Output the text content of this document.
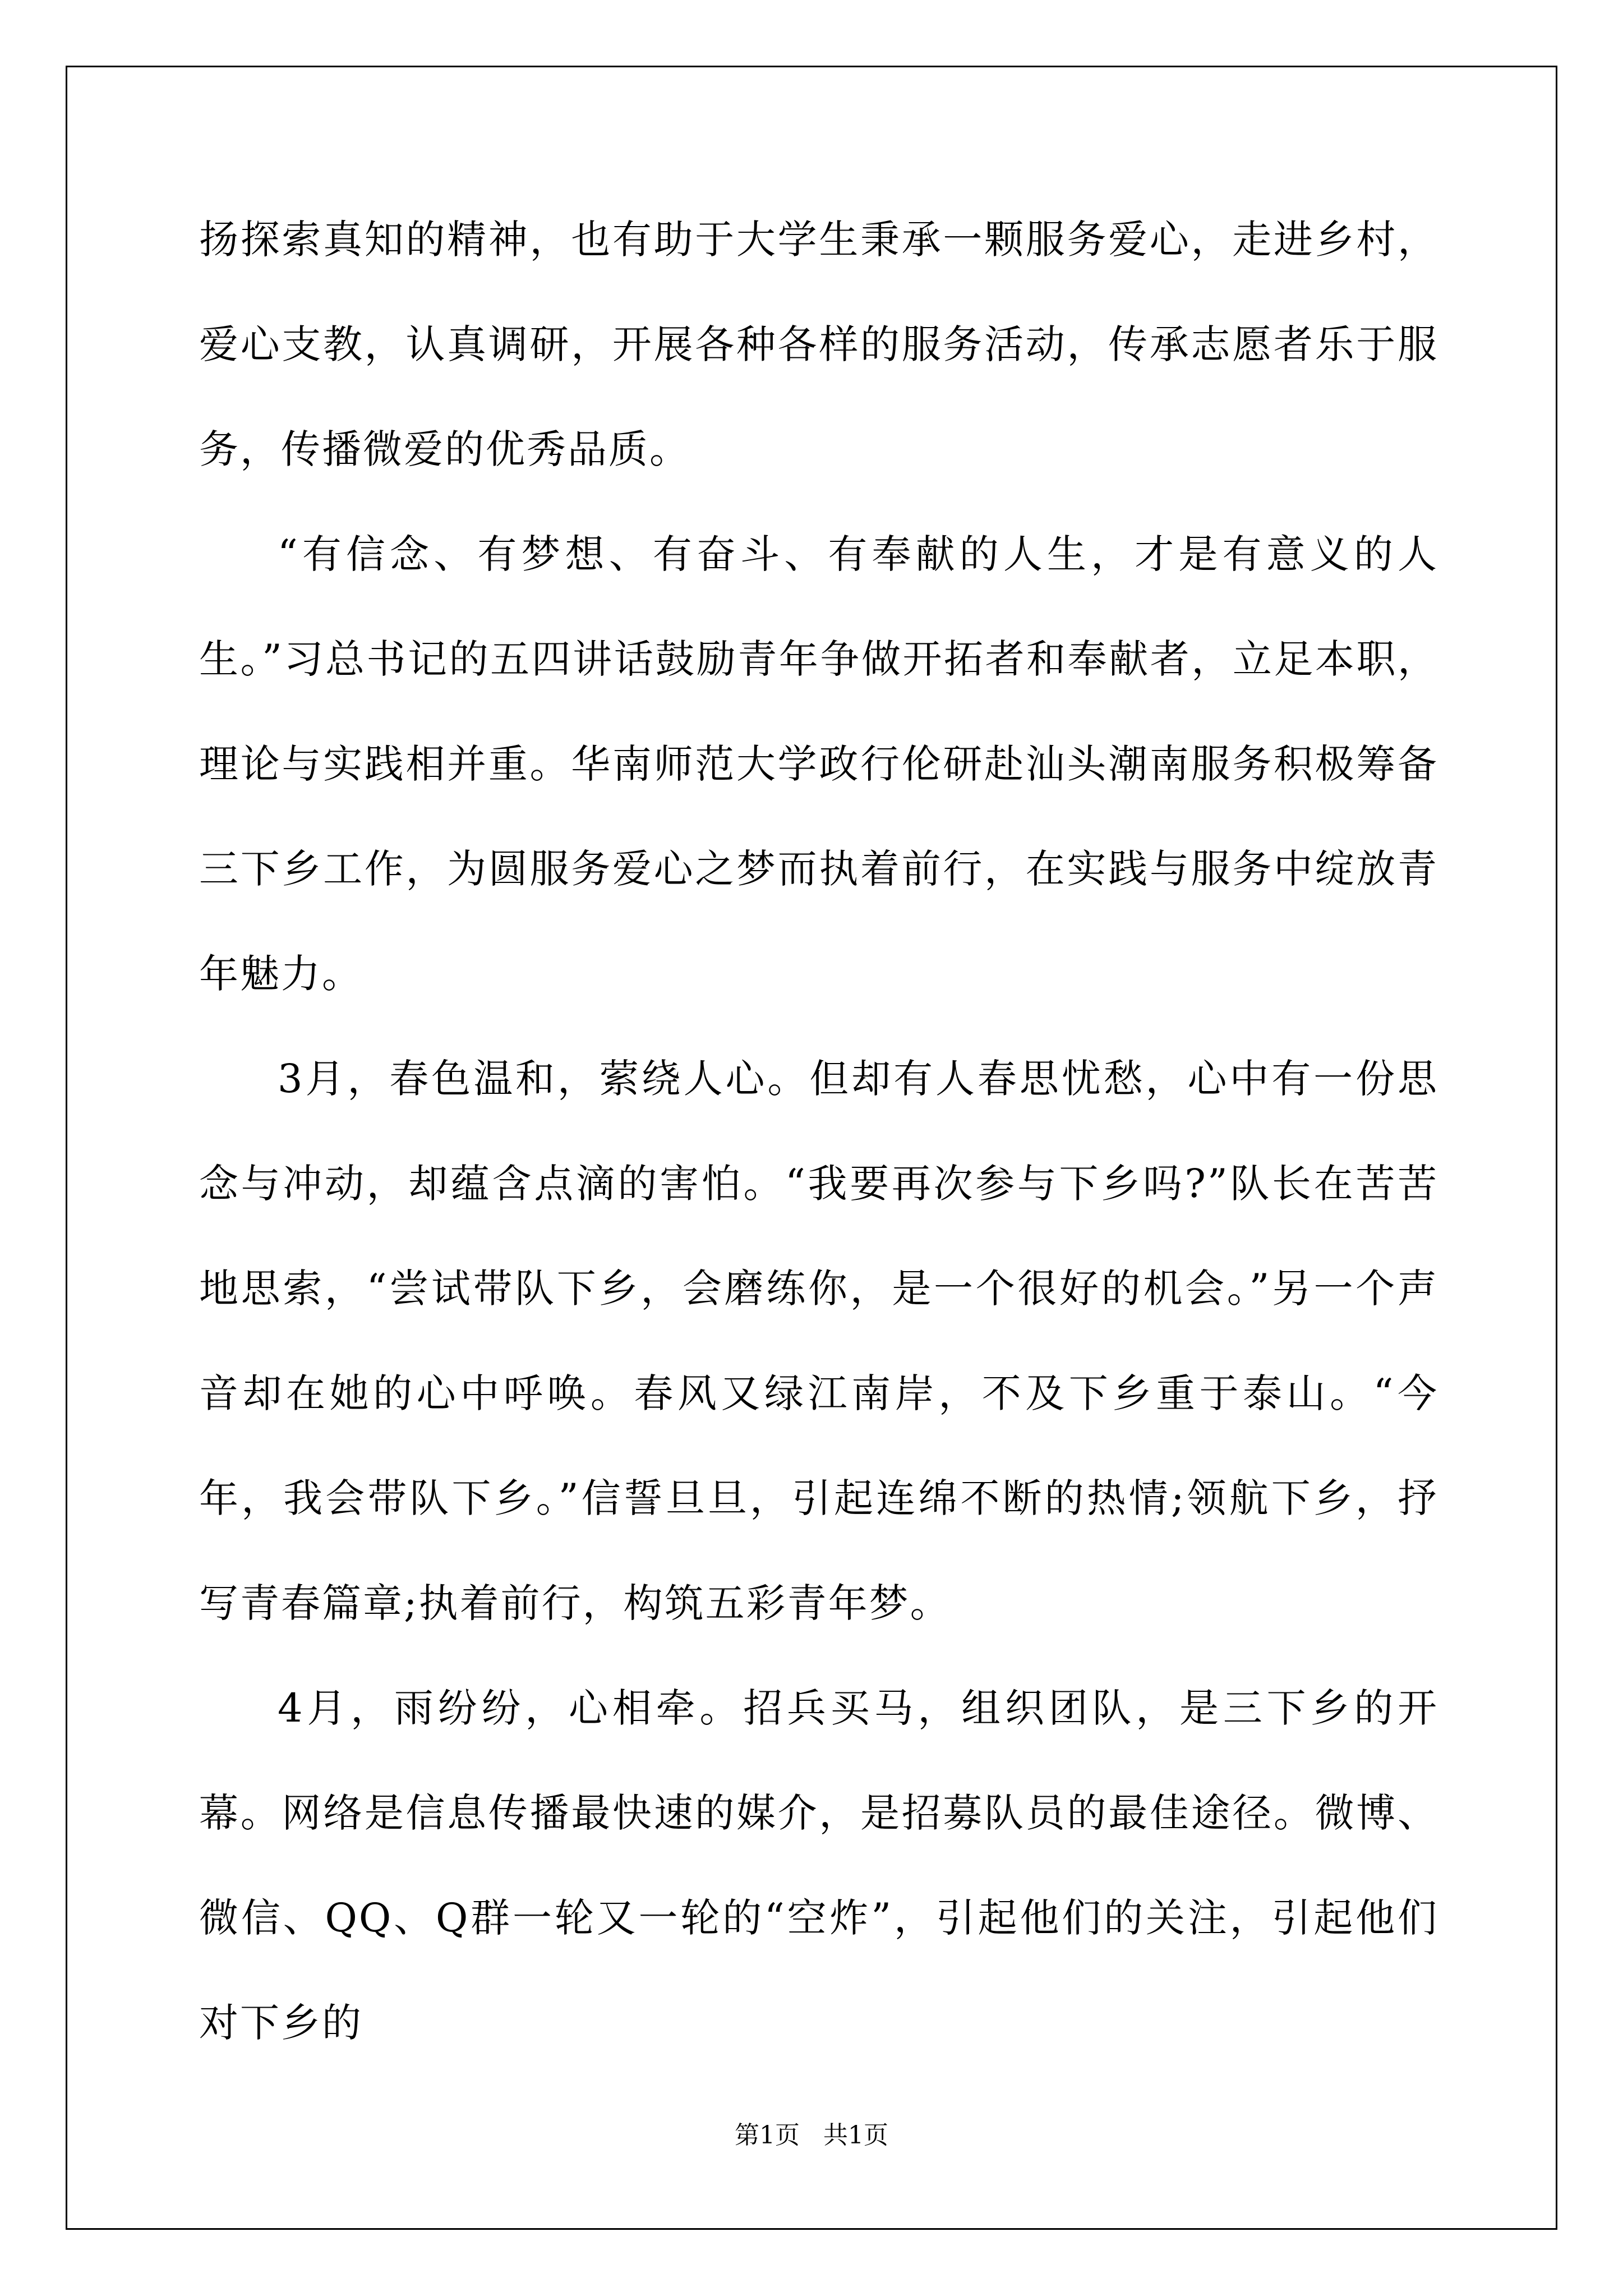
扬探索真知的精神，也有助于大学生秉承一颗服务爱心，走进乡村，爱心支教，认真调研，开展各种各样的服务活动，传承志愿者乐于服务，传播微爱的优秀品质。

“有信念、有梦想、有奋斗、有奉献的人生，才是有意义的人生。”习总书记的五四讲话鼓励青年争做开拓者和奉献者，立足本职，理论与实践相并重。华南师范大学政行伦研赴汕头潮南服务积极筹备三下乡工作，为圆服务爱心之梦而执着前行，在实践与服务中绽放青年魅力。

3月，春色温和，萦绕人心。但却有人春思忧愁，心中有一份思念与冲动，却蕴含点滴的害怕。“我要再次参与下乡吗?”队长在苦苦地思索，“尝试带队下乡，会磨练你，是一个很好的机会。”另一个声音却在她的心中呼唤。春风又绿江南岸，不及下乡重于泰山。“今年，我会带队下乡。”信誓旦旦，引起连绵不断的热情;领航下乡，抒写青春篇章;执着前行，构筑五彩青年梦。

4月，雨纷纷，心相牵。招兵买马，组织团队，是三下乡的开幕。网络是信息传播最快速的媒介，是招募队员的最佳途径。微博、微信、QQ、Q群一轮又一轮的“空炸”，引起他们的关注，引起他们对下乡的

第1页   共1页
